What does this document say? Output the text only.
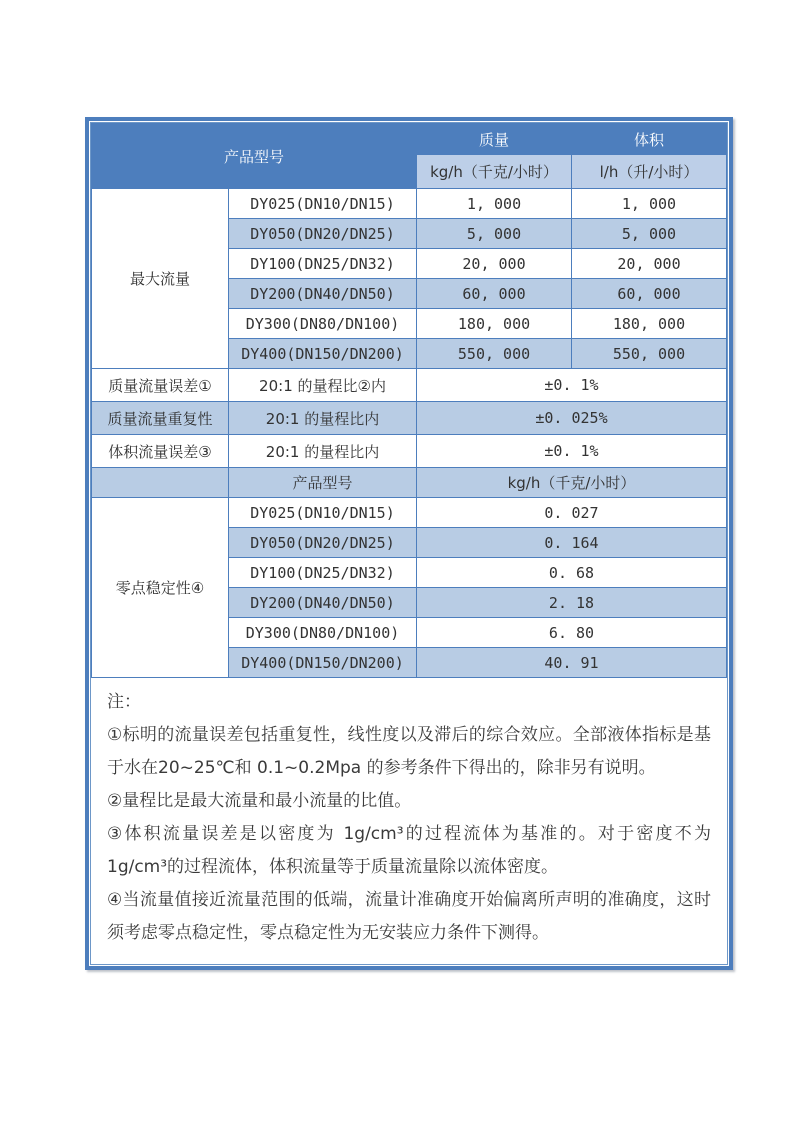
产品型号		质量	体积
		kg/h（千克/小时）	l/h（升/小时）
最大流量	DY025(DN10/DN15)	1, 000	1, 000
	DY050(DN20/DN25)	5, 000	5, 000
	DY100(DN25/DN32)	20, 000	20, 000
	DY200(DN40/DN50)	60, 000	60, 000
	DY300(DN80/DN100)	180, 000	180, 000
	DY400(DN150/DN200)	550, 000	550, 000
质量流量误差①	20:1 的量程比②内	±0. 1%	
质量流量重复性	20:1 的量程比内	±0. 025%	
体积流量误差③	20:1 的量程比内	±0. 1%	
	产品型号	kg/h（千克/小时）	
零点稳定性④	DY025(DN10/DN15)	0. 027	
	DY050(DN20/DN25)	0. 164	
	DY100(DN25/DN32)	0. 68	
	DY200(DN40/DN50)	2. 18	
	DY300(DN80/DN100)	6. 80	
	DY400(DN150/DN200)	40. 91	

注：

①标明的流量误差包括重复性，线性度以及滞后的综合效应。全部液体指标是基于水在20~25℃和 0.1~0.2Mpa 的参考条件下得出的，除非另有说明。

②量程比是最大流量和最小流量的比值。

③体积流量误差是以密度为 1g/cm³的过程流体为基准的。对于密度不为 1g/cm³的过程流体，体积流量等于质量流量除以流体密度。

④当流量值接近流量范围的低端，流量计准确度开始偏离所声明的准确度，这时须考虑零点稳定性，零点稳定性为无安装应力条件下测得。
